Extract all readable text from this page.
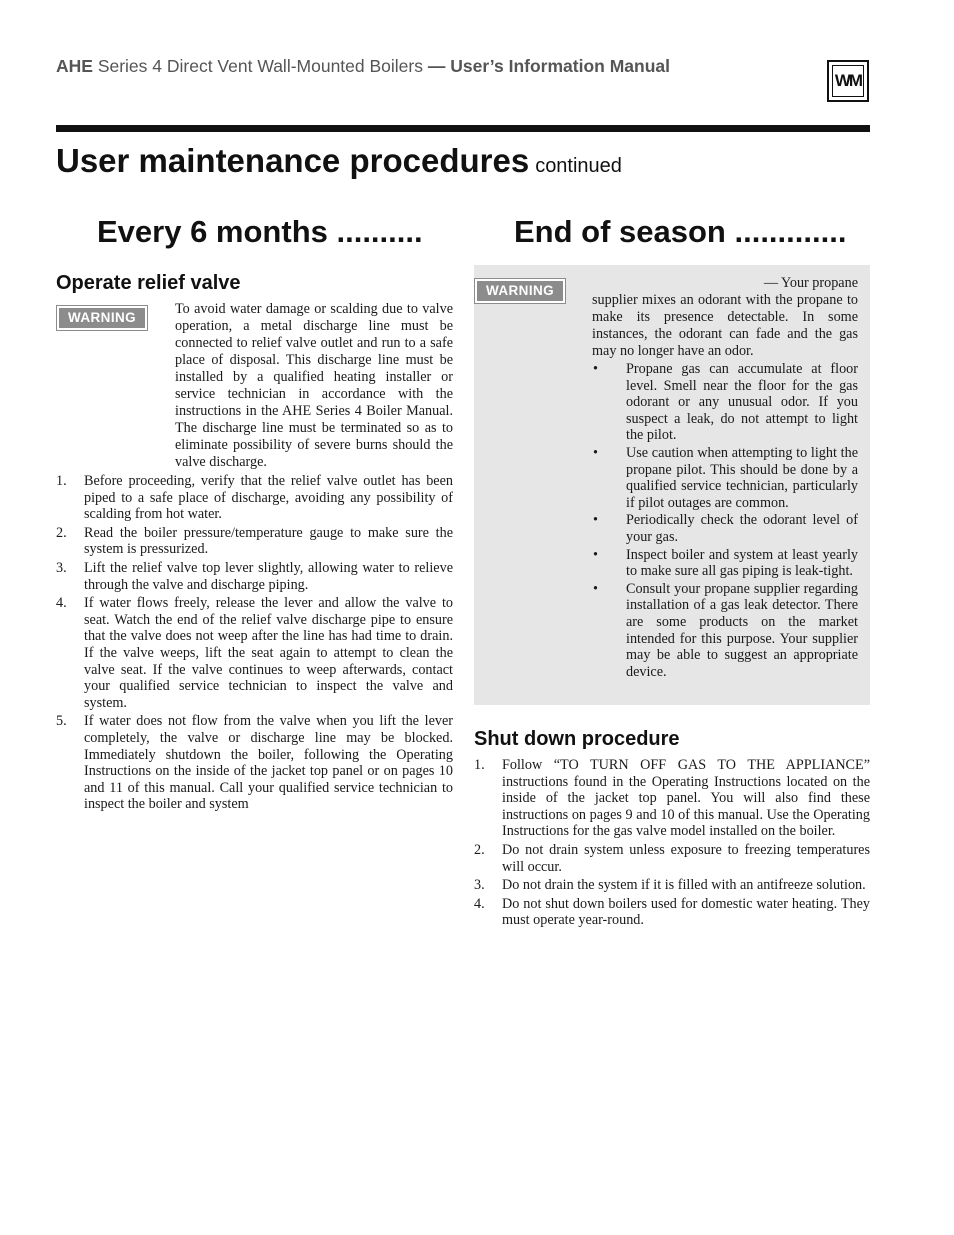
AHE Series 4 Direct Vent Wall-Mounted Boilers — User’s Information Manual
WM
User maintenance procedures continued
Every 6 months ..........
Operate relief valve
WARNING
To avoid water damage or scalding due to valve operation, a metal discharge line must be connected to relief valve outlet and run to a safe place of disposal. This discharge line must be installed by a qualified heating installer or service technician in accordance with the instructions in the AHE Series 4 Boiler Manual. The discharge line must be terminated so as to eliminate possibility of severe burns should the valve discharge.
1. Before proceeding, verify that the relief valve outlet has been piped to a safe place of discharge, avoiding any possibility of scalding from hot water.
2. Read the boiler pressure/temperature gauge to make sure the system is pressurized.
3. Lift the relief valve top lever slightly, allowing water to relieve through the valve and discharge piping.
4. If water flows freely, release the lever and allow the valve to seat. Watch the end of the relief valve discharge pipe to ensure that the valve does not weep after the line has had time to drain. If the valve weeps, lift the seat again to attempt to clean the valve seat. If the valve continues to weep afterwards, contact your qualified service technician to inspect the valve and system.
5. If water does not flow from the valve when you lift the lever completely, the valve or discharge line may be blocked. Immediately shutdown the boiler, following the Operating Instructions on the inside of the jacket top panel or on pages 10 and 11 of this manual. Call your qualified service technician to inspect the boiler and system
End of season .............
WARNING	— Your propane
supplier mixes an odorant with the propane to make its presence detectable. In some instances, the odorant can fade and the gas may no longer have an odor.
• Propane gas can accumulate at floor level. Smell near the floor for the gas odorant or any unusual odor. If you suspect a leak, do not attempt to light the pilot.
• Use caution when attempting to light the propane pilot. This should be done by a qualified service technician, particularly if pilot outages are common.
• Periodically check the odorant level of your gas.
• Inspect boiler and system at least yearly to make sure all gas piping is leak-tight.
• Consult your propane supplier regarding installation of a gas leak detector. There are some products on the market intended for this purpose. Your supplier may be able to suggest an appropriate device.
Shut down procedure
1. Follow “TO TURN OFF GAS TO THE APPLIANCE” instructions found in the Operating Instructions located on the inside of the jacket top panel. You will also find these instructions on pages 9 and 10 of this manual. Use the Operating Instructions for the gas valve model installed on the boiler.
2. Do not drain system unless exposure to freezing temperatures will occur.
3. Do not drain the system if it is filled with an antifreeze solution.
4. Do not shut down boilers used for domestic water heating. They must operate year-round.
